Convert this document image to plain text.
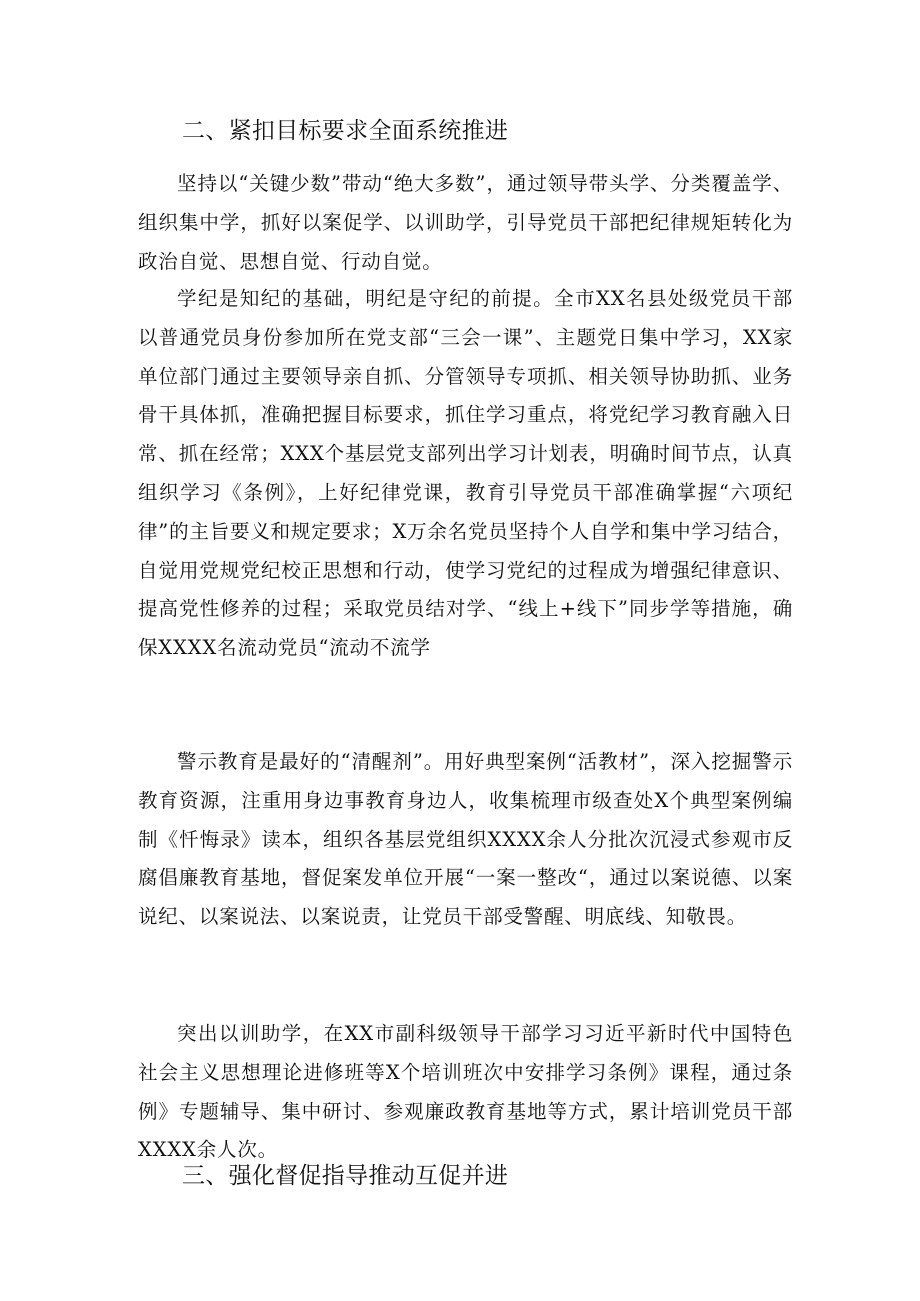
二、紧扣目标要求全面系统推进

坚持以“关键少数”带动“绝大多数”，通过领导带头学、分类覆盖学、组织集中学，抓好以案促学、以训助学，引导党员干部把纪律规矩转化为政治自觉、思想自觉、行动自觉。

学纪是知纪的基础，明纪是守纪的前提。全市XX名县处级党员干部以普通党员身份参加所在党支部“三会一课”、主题党日集中学习，XX家单位部门通过主要领导亲自抓、分管领导专项抓、相关领导协助抓、业务骨干具体抓，准确把握目标要求，抓住学习重点，将党纪学习教育融入日常、抓在经常；XXX个基层党支部列出学习计划表，明确时间节点，认真组织学习《条例》，上好纪律党课，教育引导党员干部准确掌握“六项纪律”的主旨要义和规定要求；X万余名党员坚持个人自学和集中学习结合，自觉用党规党纪校正思想和行动，使学习党纪的过程成为增强纪律意识、提高党性修养的过程；采取党员结对学、“线上+线下”同步学等措施，确保XXXX名流动党员“流动不流学

警示教育是最好的“清醒剂”。用好典型案例“活教材”，深入挖掘警示教育资源，注重用身边事教育身边人，收集梳理市级查处X个典型案例编制《忏悔录》读本，组织各基层党组织XXXX余人分批次沉浸式参观市反腐倡廉教育基地，督促案发单位开展“一案一整改“，通过以案说德、以案说纪、以案说法、以案说责，让党员干部受警醒、明底线、知敬畏。

突出以训助学，在XX市副科级领导干部学习习近平新时代中国特色社会主义思想理论进修班等X个培训班次中安排学习条例》课程，通过条例》专题辅导、集中研讨、参观廉政教育基地等方式，累计培训党员干部XXXX余人次。

三、强化督促指导推动互促并进
